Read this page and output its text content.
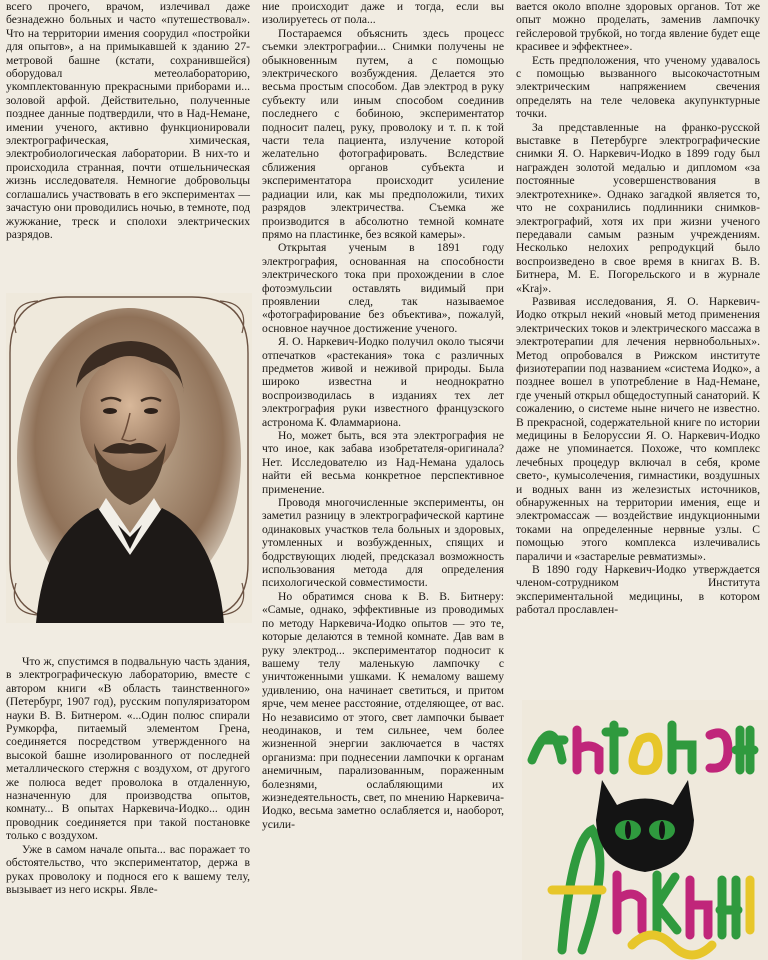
всего прочего, врачом, излечивал даже безнадежно больных и часто «путешествовал». Что на территории имения соорудил «постройки для опытов», а на примыкавшей к зданию 27-метровой башне (кстати, сохранившейся) оборудовал метеолабораторию, укомплектованную прекрасными приборами и... золовой арфой. Действительно, полученные позднее данные подтвердили, что в Над-Немане, имении ученого, активно функционировали электрографическая, химическая, электробиологическая лаборатории. В них-то и происходила странная, почти отшельническая жизнь исследователя. Немногие добровольцы соглашались участвовать в его экспериментах — зачастую они проводились ночью, в темноте, под жужжание, треск и сполохи электрических разрядов.

Что ж, спустимся в подвальную часть здания, в электрографическую лабораторию, вместе с автором книги «В область таинственного» (Петербург, 1907 год), русским популяризатором науки В. В. Битнером. «...Один полюс спирали Румкорфа, питаемый элементом Грена, соединяется посредством утвержденного на высокой башне изолированного от последней металлического стержня с воздухом, от другого же полюса ведет проволока в отдаленную, назначенную для производства опытов, комнату... В опытах Наркевича-Иодко... один проводник соединяется при такой постановке только с воздухом.

Уже в самом начале опыта... вас поражает то обстоятельство, что экспериментатор, держа в руках проволоку и поднося его к вашему телу, вызывает из него искры. Явле-

ние происходит даже и тогда, если вы изолируетесь от пола...

Постараемся объяснить здесь процесс съемки электрографии... Снимки получены не обыкновенным путем, а с помощью электрического возбуждения. Делается это весьма простым способом. Дав электрод в руку субъекту или иным способом соединив последнего с бобиною, экспериментатор подносит палец, руку, проволоку и т. п. к той части тела пациента, излучение которой желательно фотографировать. Вследствие сближения органов субъекта и экспериментатора происходит усиление радиации или, как мы предположили, тихих разрядов электричества. Съемка же производится в абсолютно темной комнате прямо на пластинке, без всякой камеры».

Открытая ученым в 1891 году электрография, основанная на способности электрического тока при прохождении в слое фотоэмульсии оставлять видимый при проявлении след, так называемое «фотографирование без объектива», пожалуй, основное научное достижение ученого.

Я. О. Наркевич-Иодко получил около тысячи отпечатков «растекания» тока с различных предметов живой и неживой природы. Была широко известна и неоднократно воспроизводилась в изданиях тех лет электрография руки известного французского астронома К. Фламмариона.

Но, может быть, вся эта электрография не что иное, как забава изобретателя-оригинала? Нет. Исследователю из Над-Немана удалось найти ей весьма конкретное перспективное применение.

Проводя многочисленные эксперименты, он заметил разницу в электрографической картине одинаковых участков тела больных и здоровых, утомленных и возбужденных, спящих и бодрствующих людей, предсказал возможность использования метода для определения психологической совместимости.

Но обратимся снова к В. В. Битнеру: «Самые, однако, эффективные из проводимых по методу Наркевича-Иодко опытов — это те, которые делаются в темной комнате. Дав вам в руку электрод... экспериментатор подносит к вашему телу маленькую лампочку с уничтоженными ушками. К немалому вашему удивлению, она начинает светиться, и притом ярче, чем менее расстояние, отделяющее, от вас. Но независимо от этого, свет лампочки бывает неодинаков, и тем сильнее, чем более жизненной энергии заключается в частях организма: при поднесении лампочки к органам анемичным, парализованным, пораженным болезнями, ослабляющими их жизнедеятельность, свет, по мнению Наркевича-Иодко, весьма заметно ослабляется и, наоборот, усили-

вается около вполне здоровых органов. Тот же опыт можно проделать, заменив лампочку гейслеровой трубкой, но тогда явление будет еще красивее и эффектнее».

Есть предположения, что ученому удавалось с помощью вызванного высокочастотным электрическим напряжением свечения определять на теле человека акупунктурные точки.

За представленные на франко-русской выставке в Петербурге электрографические снимки Я. О. Наркевич-Иодко в 1899 году был награжден золотой медалью и дипломом «за постоянные усовершенствования в электротехнике». Однако загадкой является то, что не сохранились подлинники снимков-электрографий, хотя их при жизни ученого передавали самым разным учреждениям. Несколько нелохих репродукций было воспроизведено в свое время в книгах В. В. Битнера, М. Е. Погорельского и в журнале «Kraj».

Развивая исследования, Я. О. Наркевич-Иодко открыл некий «новый метод применения электрических токов и электрического массажа в электротерапии для лечения нервнобольных». Метод опробовался в Рижском институте физиотерапии под названием «система Иодко», а позднее вошел в употребление в Над-Немане, где ученый открыл общедоступный санаторий. К сожалению, о системе ныне ничего не известно. В прекрасной, содержательной книге по истории медицины в Белоруссии Я. О. Наркевич-Иодко даже не упоминается. Похоже, что комплекс лечебных процедур включал в себя, кроме свето-, кумысолечения, гимнастики, воздушных и водных ванн из железистых источников, обнаруженных на территории имения, еще и электромассаж — воздействие индукционными токами на определенные нервные узлы. С помощью этого комплекса излечивались параличи и «застарелые ревматизмы».

В 1890 году Наркевич-Иодко утверждается членом-сотрудником Института экспериментальной медицины, в котором работал прославлен-
